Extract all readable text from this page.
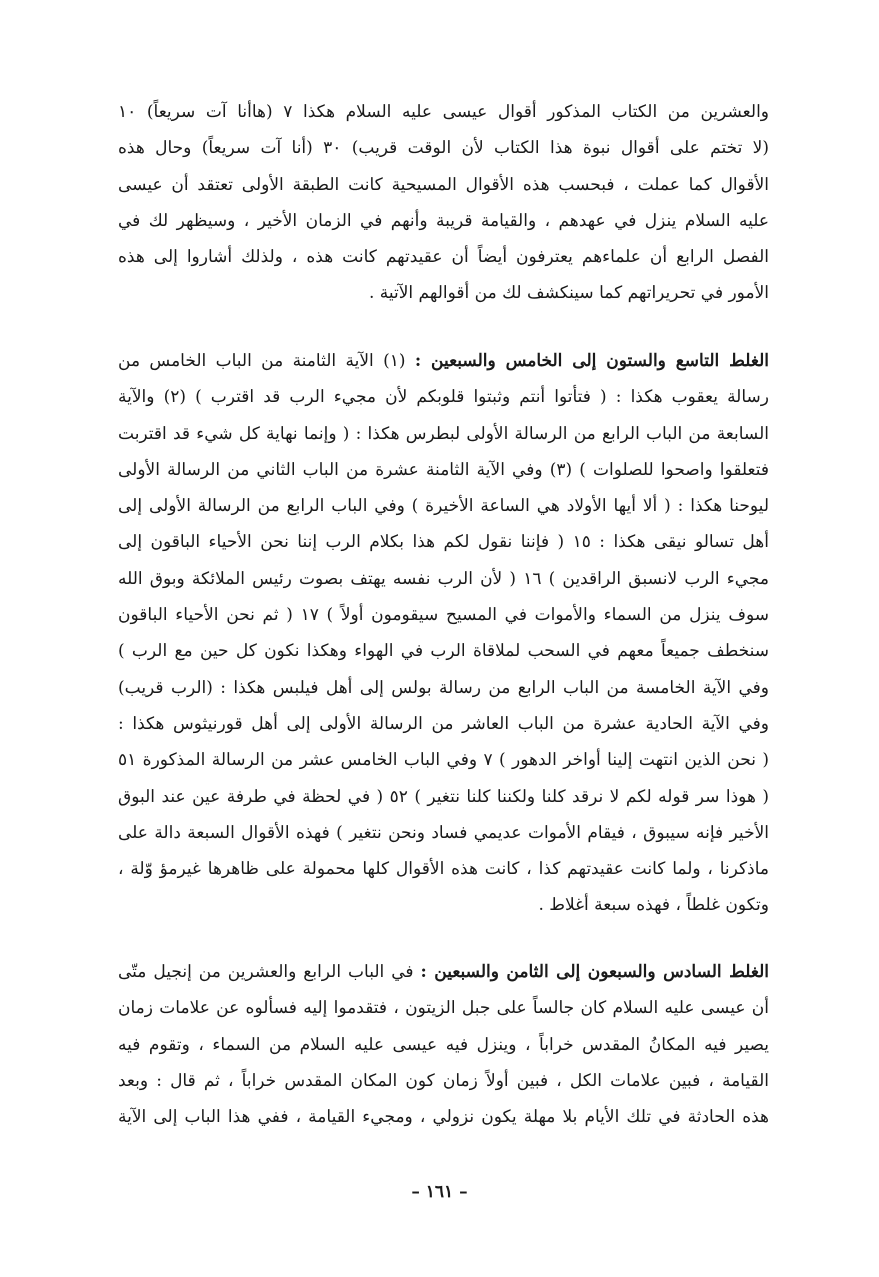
والعشرين من الكتاب المذكور أقوال عيسى عليه السلام هكذا ٧ (هاأنا آت سريعاً) ١٠
(لا تختم على أقوال نبوة هذا الكتاب لأن الوقت قريب) ٣٠ (أنا آت سريعاً) وحال هذه
الأقوال كما عملت ، فبحسب هذه الأقوال المسيحية كانت الطبقة الأولى تعتقد أن عيسى
عليه السلام ينزل في عهدهم ، والقيامة قريبة وأنهم في الزمان الأخير ، وسيظهر لك في
الفصل الرابع أن علماءهم يعترفون أيضاً أن عقيدتهم كانت هذه ، ولذلك أشاروا إلى هذه
الأمور في تحريراتهم كما سينكشف لك من أقوالهم الآتية .
الغلط التاسع والستون إلى الخامس والسبعين : (١) الآية الثامنة من الباب الخامس من
رسالة يعقوب هكذا : ( فتأتوا أنتم وثبتوا قلوبكم لأن مجيء الرب قد اقترب ) (٢) والآية
السابعة من الباب الرابع من الرسالة الأولى لبطرس هكذا : ( وإنما نهاية كل شيء قد اقتربت
فتعلقوا واصحوا للصلوات ) (٣) وفي الآية الثامنة عشرة من الباب الثاني من الرسالة الأولى
ليوحنا هكذا : ( ألا أيها الأولاد هي الساعة الأخيرة ) وفي الباب الرابع من الرسالة الأولى إلى
أهل تسالو نيقى هكذا : ١٥ ( فإننا نقول لكم هذا بكلام الرب إننا نحن الأحياء الباقون إلى
مجيء الرب لانسبق الراقدين ) ١٦ ( لأن الرب نفسه يهتف بصوت رئيس الملائكة وبوق الله
سوف ينزل من السماء والأموات في المسيح سيقومون أولاً ) ١٧ ( ثم نحن الأحياء الباقون
سنخطف جميعاً معهم في السحب لملاقاة الرب في الهواء وهكذا نكون كل حين مع الرب )
وفي الآية الخامسة من الباب الرابع من رسالة بولس إلى أهل فيلبس هكذا : (الرب قريب)
وفي الآية الحادية عشرة من الباب العاشر من الرسالة الأولى إلى أهل قورنيثوس هكذا :
( نحن الذين انتهت إلينا أواخر الدهور ) ٧ وفي الباب الخامس عشر من الرسالة المذكورة ٥١
( هوذا سر قوله لكم لا نرقد كلنا ولكننا كلنا نتغير ) ٥٢ ( في لحظة في طرفة عين عند البوق
الأخير فإنه سيبوق ، فيقام الأموات عديمي فساد ونحن نتغير ) فهذه الأقوال السبعة دالة على
ماذكرنا ، ولما كانت عقيدتهم كذا ، كانت هذه الأقوال كلها محمولة على ظاهرها غيرمؤ وّلة ،
وتكون غلطاً ، فهذه سبعة أغلاط .
الغلط السادس والسبعون إلى الثامن والسبعين : في الباب الرابع والعشرين من إنجيل متّى
أن عيسى عليه السلام كان جالساً على جبل الزيتون ، فتقدموا إليه فسألوه عن علامات زمان
يصير فيه المكانُ المقدس خراباً ، وينزل فيه عيسى عليه السلام من السماء ، وتقوم فيه
القيامة ، فبين علامات الكل ، فبين أولاً زمان كون المكان المقدس خراباً ، ثم قال : وبعد
هذه الحادثة في تلك الأيام بلا مهلة يكون نزولي ، ومجيء القيامة ، ففي هذا الباب إلى الآية
– ١٦١ –
